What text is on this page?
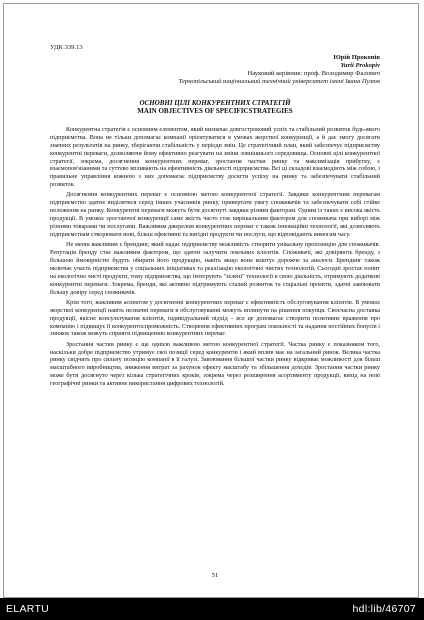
УДК 339.13
Юрій Прокопів
Yurii Prokopiv
Науковий керівник: проф. Володимир Фалович
Тернопільський національний технічний університет імені Івана Пулюя
ОСНОВНІ ЦІЛІ КОНКУРЕНТНИХ СТРАТЕГІЙ
MAIN OBJECTIVES OF SPECIFICSTRATEGIES

Конкурентна стратегія є основним елементом, який визначає довгостроковий успіх та стабільний розвиток будь-якого підприємства. Вона не тільки допомагає компанії орієнтуватися в умовах жорсткої конкуренції, а й дає змогу досягати значних результатів на ринку, зберігаючи стабільність у періоди змін. Це стратегічний план, який забезпечує підприємству конкурентні переваги, дозволяючи йому ефективно реагувати на зміни зовнішнього середовища. Основні цілі конкурентної стратегії, зокрема, досягнення конкурентних переваг, зростання частки ринку та максимізація прибутку, є взаємопов'язаними та суттєво впливають на ефективність діяльності підприємства. Всі ці складові взаємодіють між собою, і правильне управління кожною з них допомагає підприємству досягти успіху на ринку та забезпечувати стабільний розвиток.

Досягнення конкурентних переваг є основною метою конкурентної стратегії. Завдяки конкурентним перевагам підприємство здатне виділятися серед інших учасників ринку, привертати увагу споживачів та забезпечувати собі стійке положення на ринку. Конкурентні переваги можуть бути досягнуті завдяки різним факторам. Одним із таких є висока якість продукції. В умовах зростаючої конкуренції саме якість часто стає вирішальним фактором для споживача при виборі між різними товарами чи послугами. Важливим джерелом конкурентних переваг є також інноваційні технології, які дозволяють підприємствам створювати нові, більш ефективні та вигідні продукти чи послуги, що відповідають вимогам часу.

Не менш важливим є брендинг, який надає підприємству можливість створити унікальну пропозицію для споживачів. Репутація бренду стає важливим фактором, що здатен залучити лояльних клієнтів. Споживачі, які довіряють бренду, з більшою ймовірністю будуть обирати його продукцію, навіть якщо вона коштує дорожче за аналоги. Брендинг також включає участь підприємства у соціальних ініціативах та реалізацію екологічно чистих технологій. Сьогодні зростає попит на екологічно чисті продукти, тому підприємства, що інтегрують "зелені" технології в свою діяльність, отримують додаткові конкурентні переваги. Зокрема, бренди, які активно підтримують сталий розвиток та соціальні проекти, здатні завоювати більшу довіру серед споживачів.

Крім того, важливим аспектом у досягненні конкурентних переваг є ефективність обслуговування клієнтів. В умовах жорсткої конкуренції навіть незначні переваги в обслуговуванні можуть вплинути на рішення покупця. Своєчасна доставка продукції, якісне консультування клієнтів, індивідуальний підхід – все це допомагає створити позитивне враження про компанію і підвищує її конкурентоспроможність. Створення ефективних програм лояльності та надання постійних бонусів і знижок також можуть сприяти підвищенню конкурентних переваг.

Зростання частки ринку є ще однією важливою метою конкурентної стратегії. Частка ринку є показником того, наскільки добре підприємство утримує свої позиції серед конкурентів і який вплив має на загальний ринок. Велика частка ринку свідчить про сильну позицію компанії в її галузі. Завоювання більшої частки ринку відкриває можливості для більш масштабного виробництва, зниження витрат за рахунок ефекту масштабу та збільшення доходів. Зростання частки ринку може бути досягнуто через кілька стратегічних кроків, зокрема через розширення асортименту продукції, вихід на нові географічні ринки та активне використання цифрових технологій.

51
ELARTU	hdl:lib/46707
